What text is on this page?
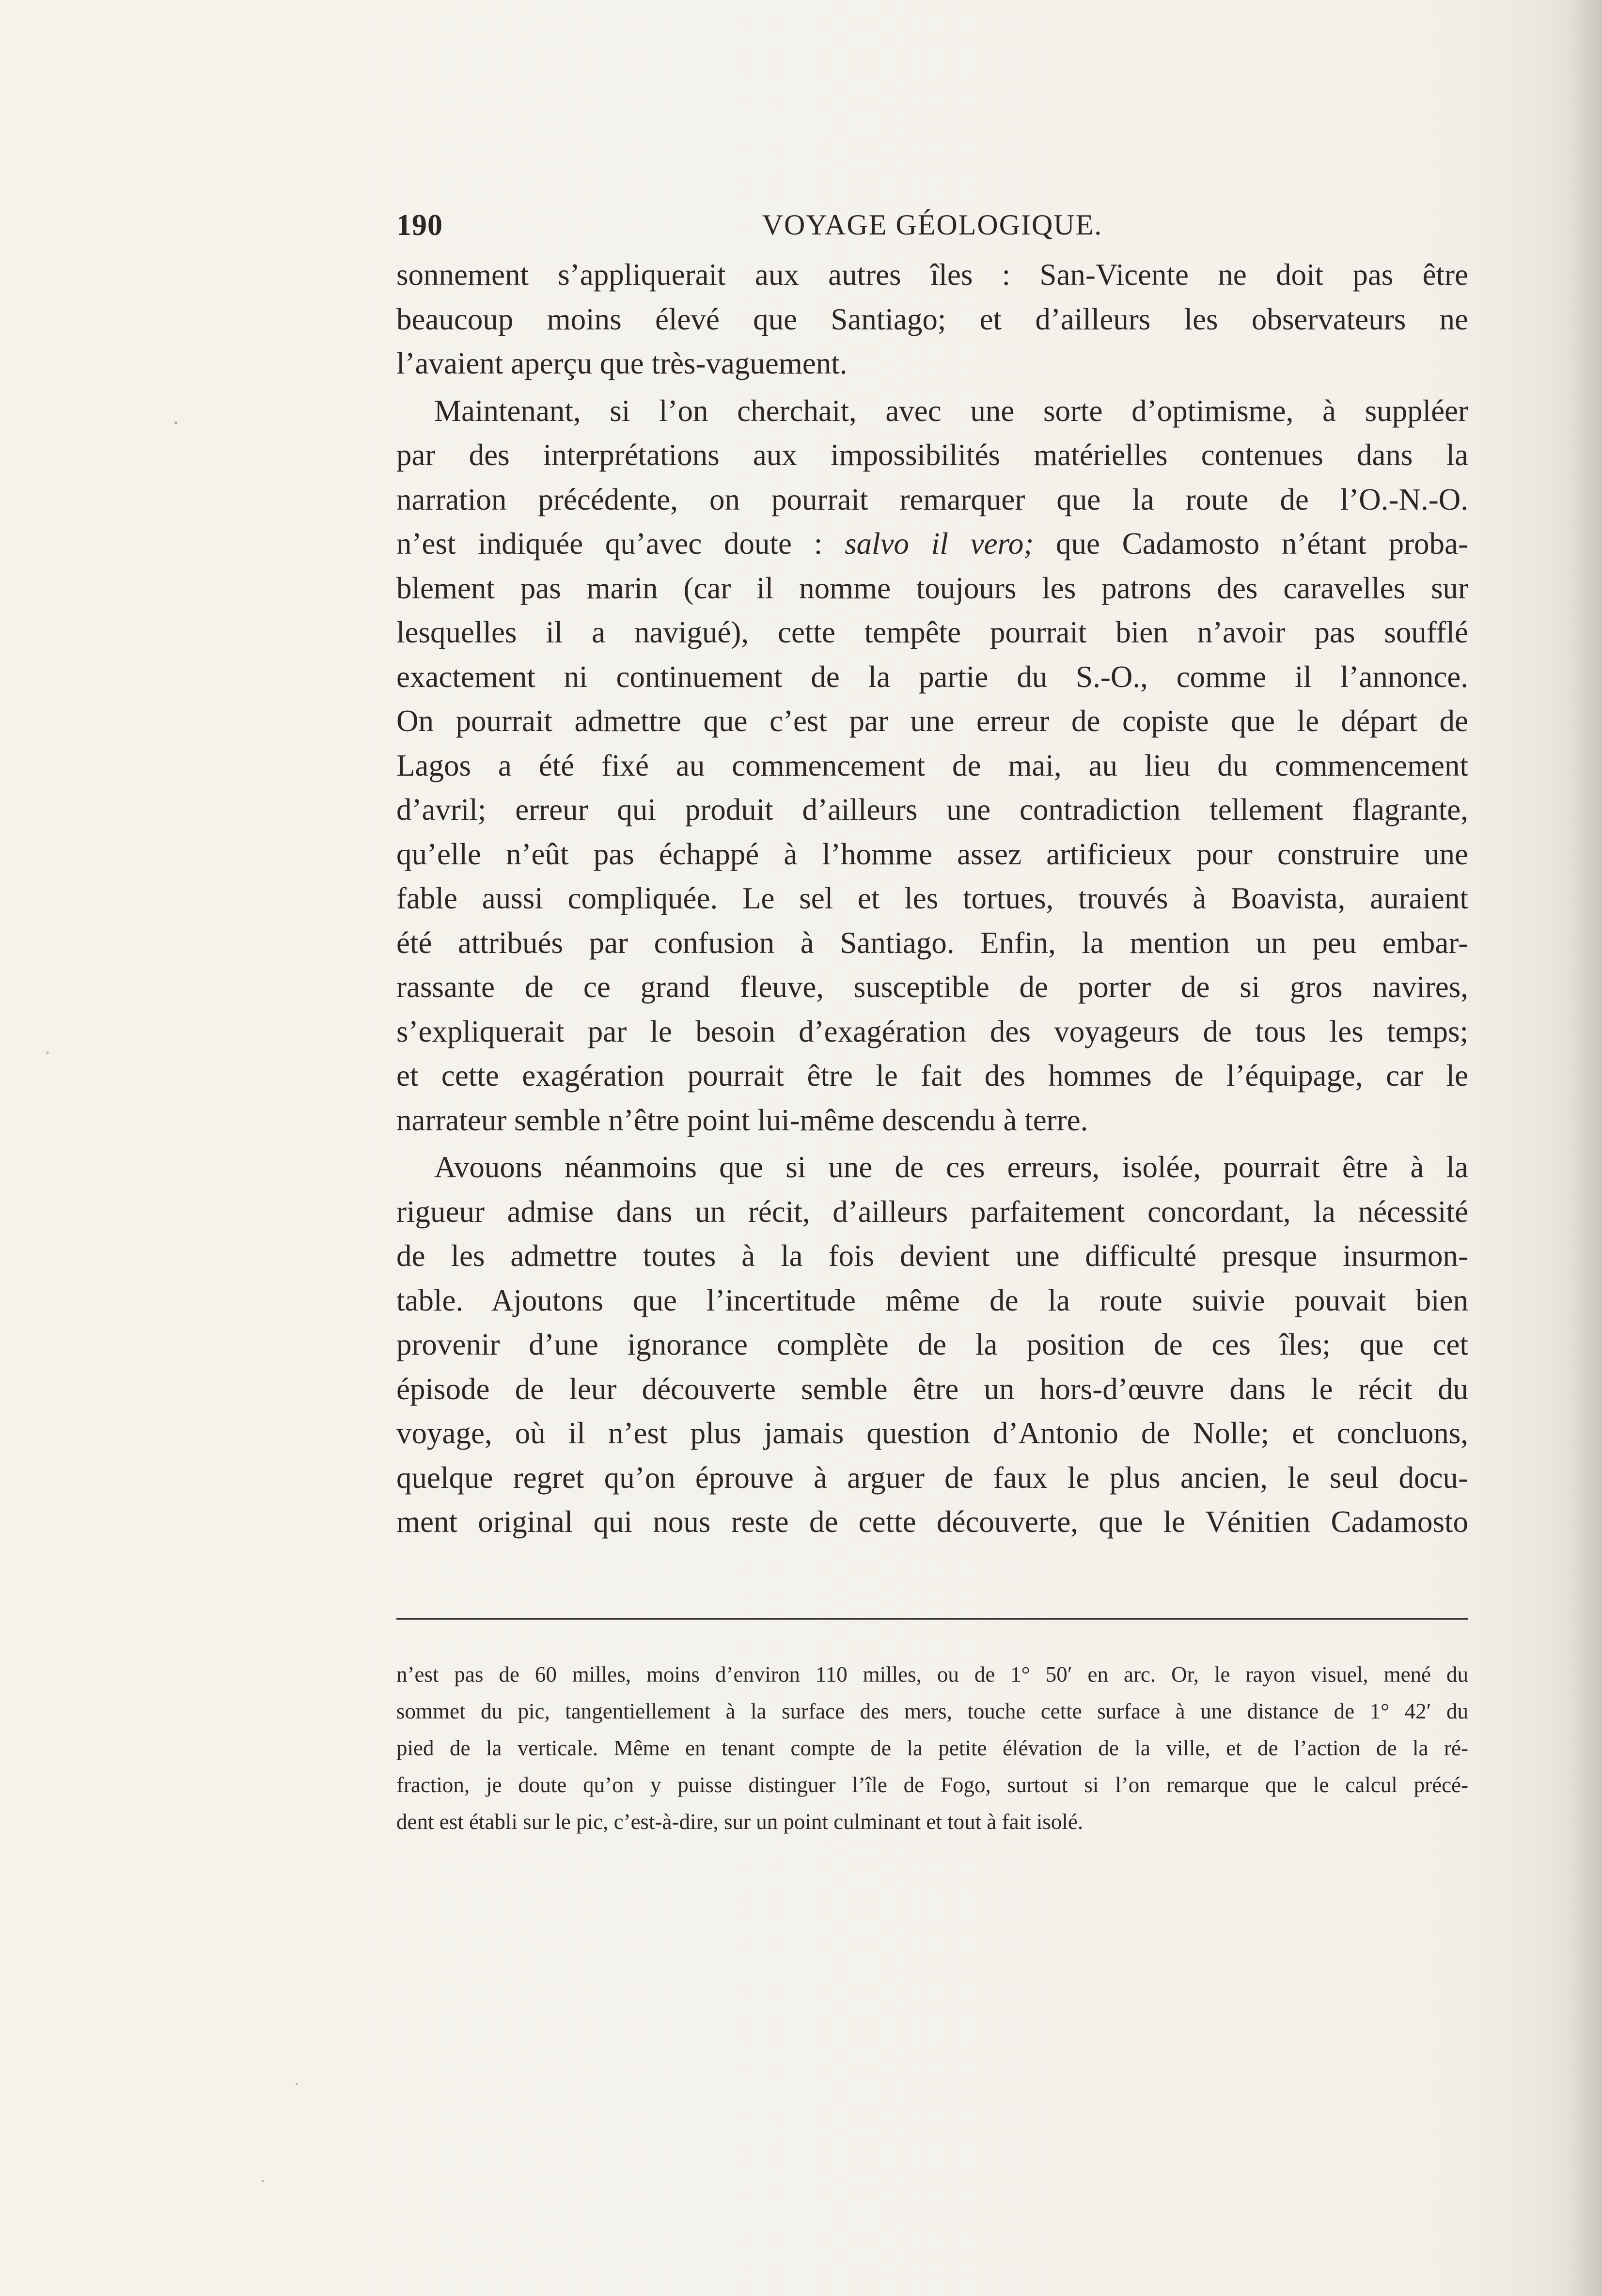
190	VOYAGE GÉOLOGIQUE.

sonnement s’appliquerait aux autres îles : San-Vicente ne doit pas être

beaucoup moins élevé que Santiago; et d’ailleurs les observateurs ne

l’avaient aperçu que très-vaguement.

Maintenant, si l’on cherchait, avec une sorte d’optimisme, à suppléer

par des interprétations aux impossibilités matérielles contenues dans la

narration précédente, on pourrait remarquer que la route de l’O.-N.-O.

n’est indiquée qu’avec doute : salvo il vero; que Cadamosto n’étant proba-

blement pas marin (car il nomme toujours les patrons des caravelles sur

lesquelles il a navigué), cette tempête pourrait bien n’avoir pas soufflé

exactement ni continuement de la partie du S.-O., comme il l’annonce.

On pourrait admettre que c’est par une erreur de copiste que le départ de

Lagos a été fixé au commencement de mai, au lieu du commencement

d’avril; erreur qui produit d’ailleurs une contradiction tellement flagrante,

qu’elle n’eût pas échappé à l’homme assez artificieux pour construire une

fable aussi compliquée. Le sel et les tortues, trouvés à Boavista, auraient

été attribués par confusion à Santiago. Enfin, la mention un peu embar-

rassante de ce grand fleuve, susceptible de porter de si gros navires,

s’expliquerait par le besoin d’exagération des voyageurs de tous les temps;

et cette exagération pourrait être le fait des hommes de l’équipage, car le

narrateur semble n’être point lui-même descendu à terre.

Avouons néanmoins que si une de ces erreurs, isolée, pourrait être à la

rigueur admise dans un récit, d’ailleurs parfaitement concordant, la nécessité

de les admettre toutes à la fois devient une difficulté presque insurmon-

table. Ajoutons que l’incertitude même de la route suivie pouvait bien

provenir d’une ignorance complète de la position de ces îles; que cet

épisode de leur découverte semble être un hors-d’œuvre dans le récit du

voyage, où il n’est plus jamais question d’Antonio de Nolle; et concluons,

quelque regret qu’on éprouve à arguer de faux le plus ancien, le seul docu-

ment original qui nous reste de cette découverte, que le Vénitien Cadamosto

n’est pas de 60 milles, moins d’environ 110 milles, ou de 1° 50′ en arc. Or, le rayon visuel, mené du

sommet du pic, tangentiellement à la surface des mers, touche cette surface à une distance de 1° 42′ du

pied de la verticale. Même en tenant compte de la petite élévation de la ville, et de l’action de la ré-

fraction, je doute qu’on y puisse distinguer l’île de Fogo, surtout si l’on remarque que le calcul précé-

dent est établi sur le pic, c’est-à-dire, sur un point culminant et tout à fait isolé.
